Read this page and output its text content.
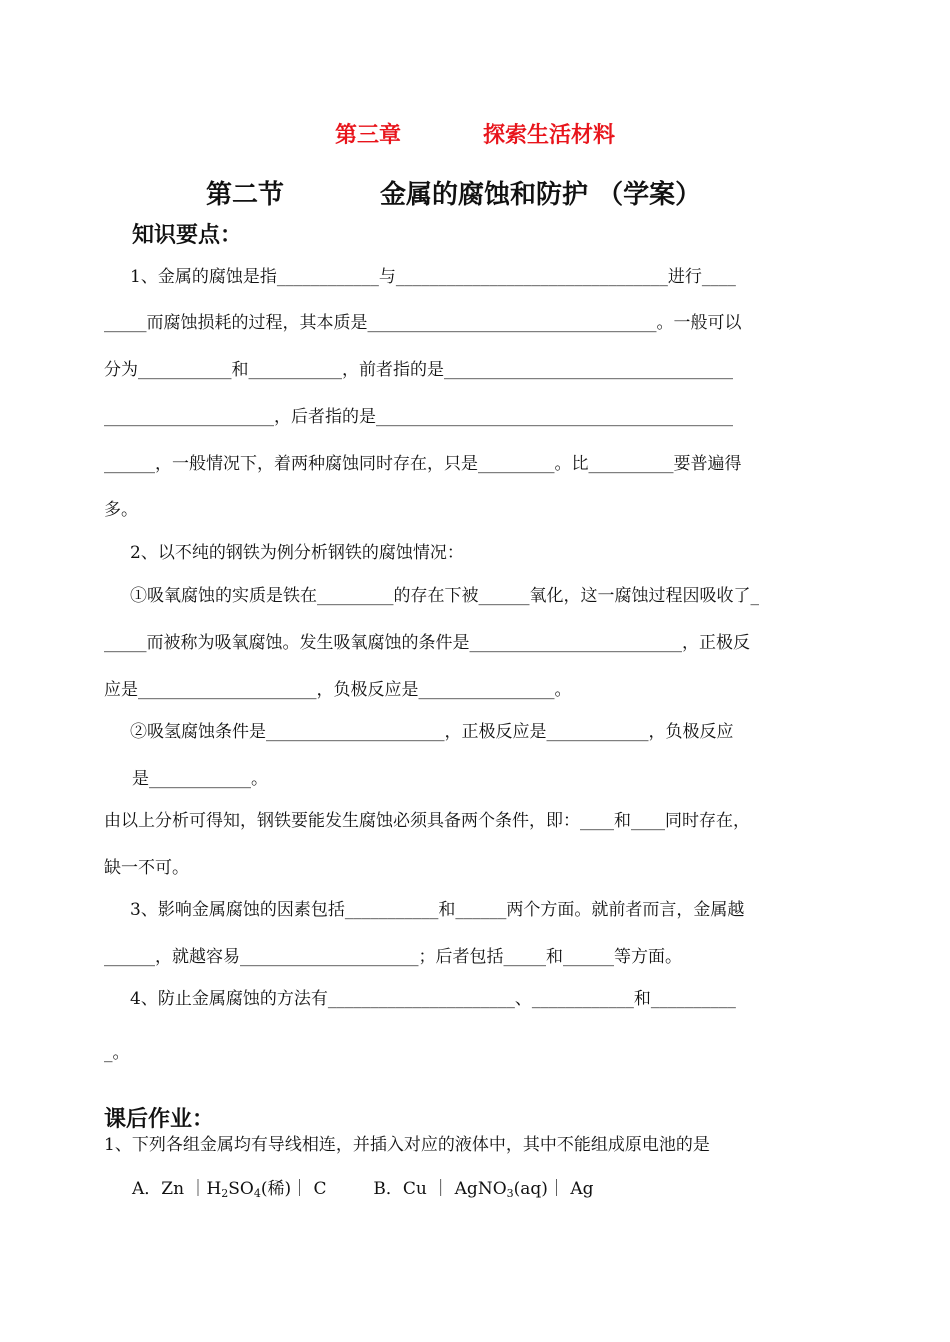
第三章	探索生活材料
第二节	金属的腐蚀和防护 （学案）
知识要点：
1、金属的腐蚀是指____________与________________________________进行____
_____而腐蚀损耗的过程，其本质是__________________________________。一般可以
分为___________和___________，前者指的是__________________________________
____________________，后者指的是__________________________________________
______，一般情况下，着两种腐蚀同时存在，只是_________。比__________要普遍得
多。
2、以不纯的钢铁为例分析钢铁的腐蚀情况：
①吸氧腐蚀的实质是铁在_________的存在下被______氧化，这一腐蚀过程因吸收了_
_____而被称为吸氧腐蚀。发生吸氧腐蚀的条件是_________________________，正极反
应是_____________________，负极反应是________________。
②吸氢腐蚀条件是_____________________，正极反应是____________，负极反应
是____________。
由以上分析可得知，钢铁要能发生腐蚀必须具备两个条件，即：____和____同时存在，
缺一不可。
3、影响金属腐蚀的因素包括___________和______两个方面。就前者而言，金属越
______，就越容易_____________________；后者包括_____和______等方面。
4、防止金属腐蚀的方法有______________________、____________和__________
_。
课后作业：
1、下列各组金属均有导线相连，并插入对应的液体中，其中不能组成原电池的是
A．Zn $|H_2SO_4$(稀)｜ C	B．Cu ｜ AgNO$_3$(aq)｜ Ag
